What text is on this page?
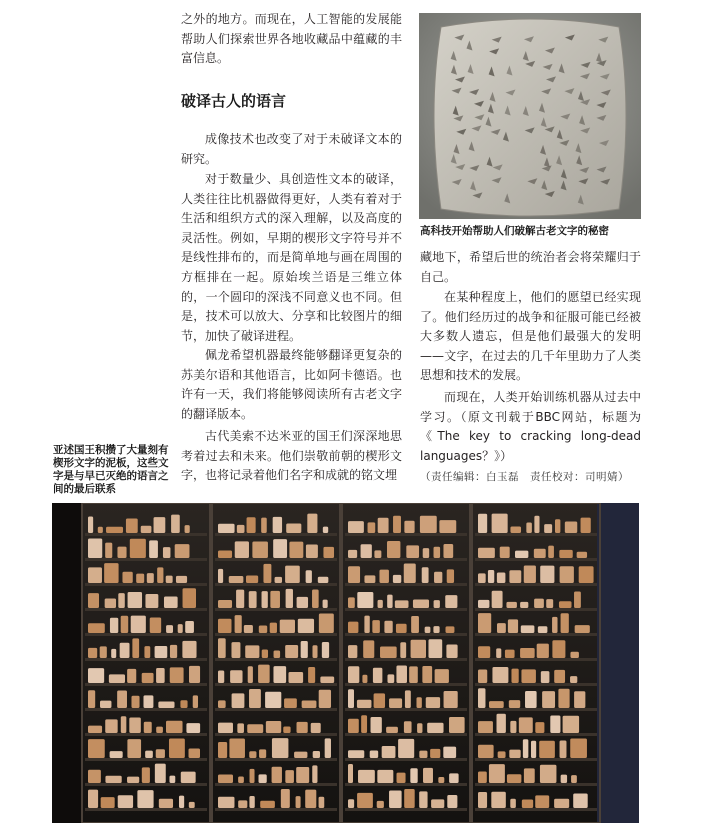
之外的地方。而现在，人工智能的发展能帮助人们探索世界各地收藏品中蕴藏的丰富信息。

破译古人的语言

成像技术也改变了对于未破译文本的研究。

对于数量少、具创造性文本的破译，人类往往比机器做得更好，人类有着对于生活和组织方式的深入理解，以及高度的灵活性。例如，早期的楔形文字符号并不是线性排布的，而是简单地与画在周围的方框排在一起。原始埃兰语是三维立体的，一个圆印的深浅不同意义也不同。但是，技术可以放大、分享和比较图片的细节，加快了破译进程。

佩龙希望机器最终能够翻译更复杂的苏美尔语和其他语言，比如阿卡德语。也许有一天，我们将能够阅读所有古老文字的翻译版本。

古代美索不达米亚的国王们深深地思考着过去和未来。他们崇敬前朝的楔形文字，也将记录着他们名字和成就的铭文埋

藏地下，希望后世的统治者会将荣耀归于自己。

在某种程度上，他们的愿望已经实现了。他们经历过的战争和征服可能已经被大多数人遗忘，但是他们最强大的发明——文字，在过去的几千年里助力了人类思想和技术的发展。

而现在，人类开始训练机器从过去中学习。（原文刊载于BBC网站，标题为《The key to cracking long-dead languages？》）

（责任编辑：白玉磊　责任校对：司明婧）

高科技开始帮助人们破解古老文字的秘密

亚述国王积攒了大量刻有楔形文字的泥板，这些文字是与早已灭绝的语言之间的最后联系
